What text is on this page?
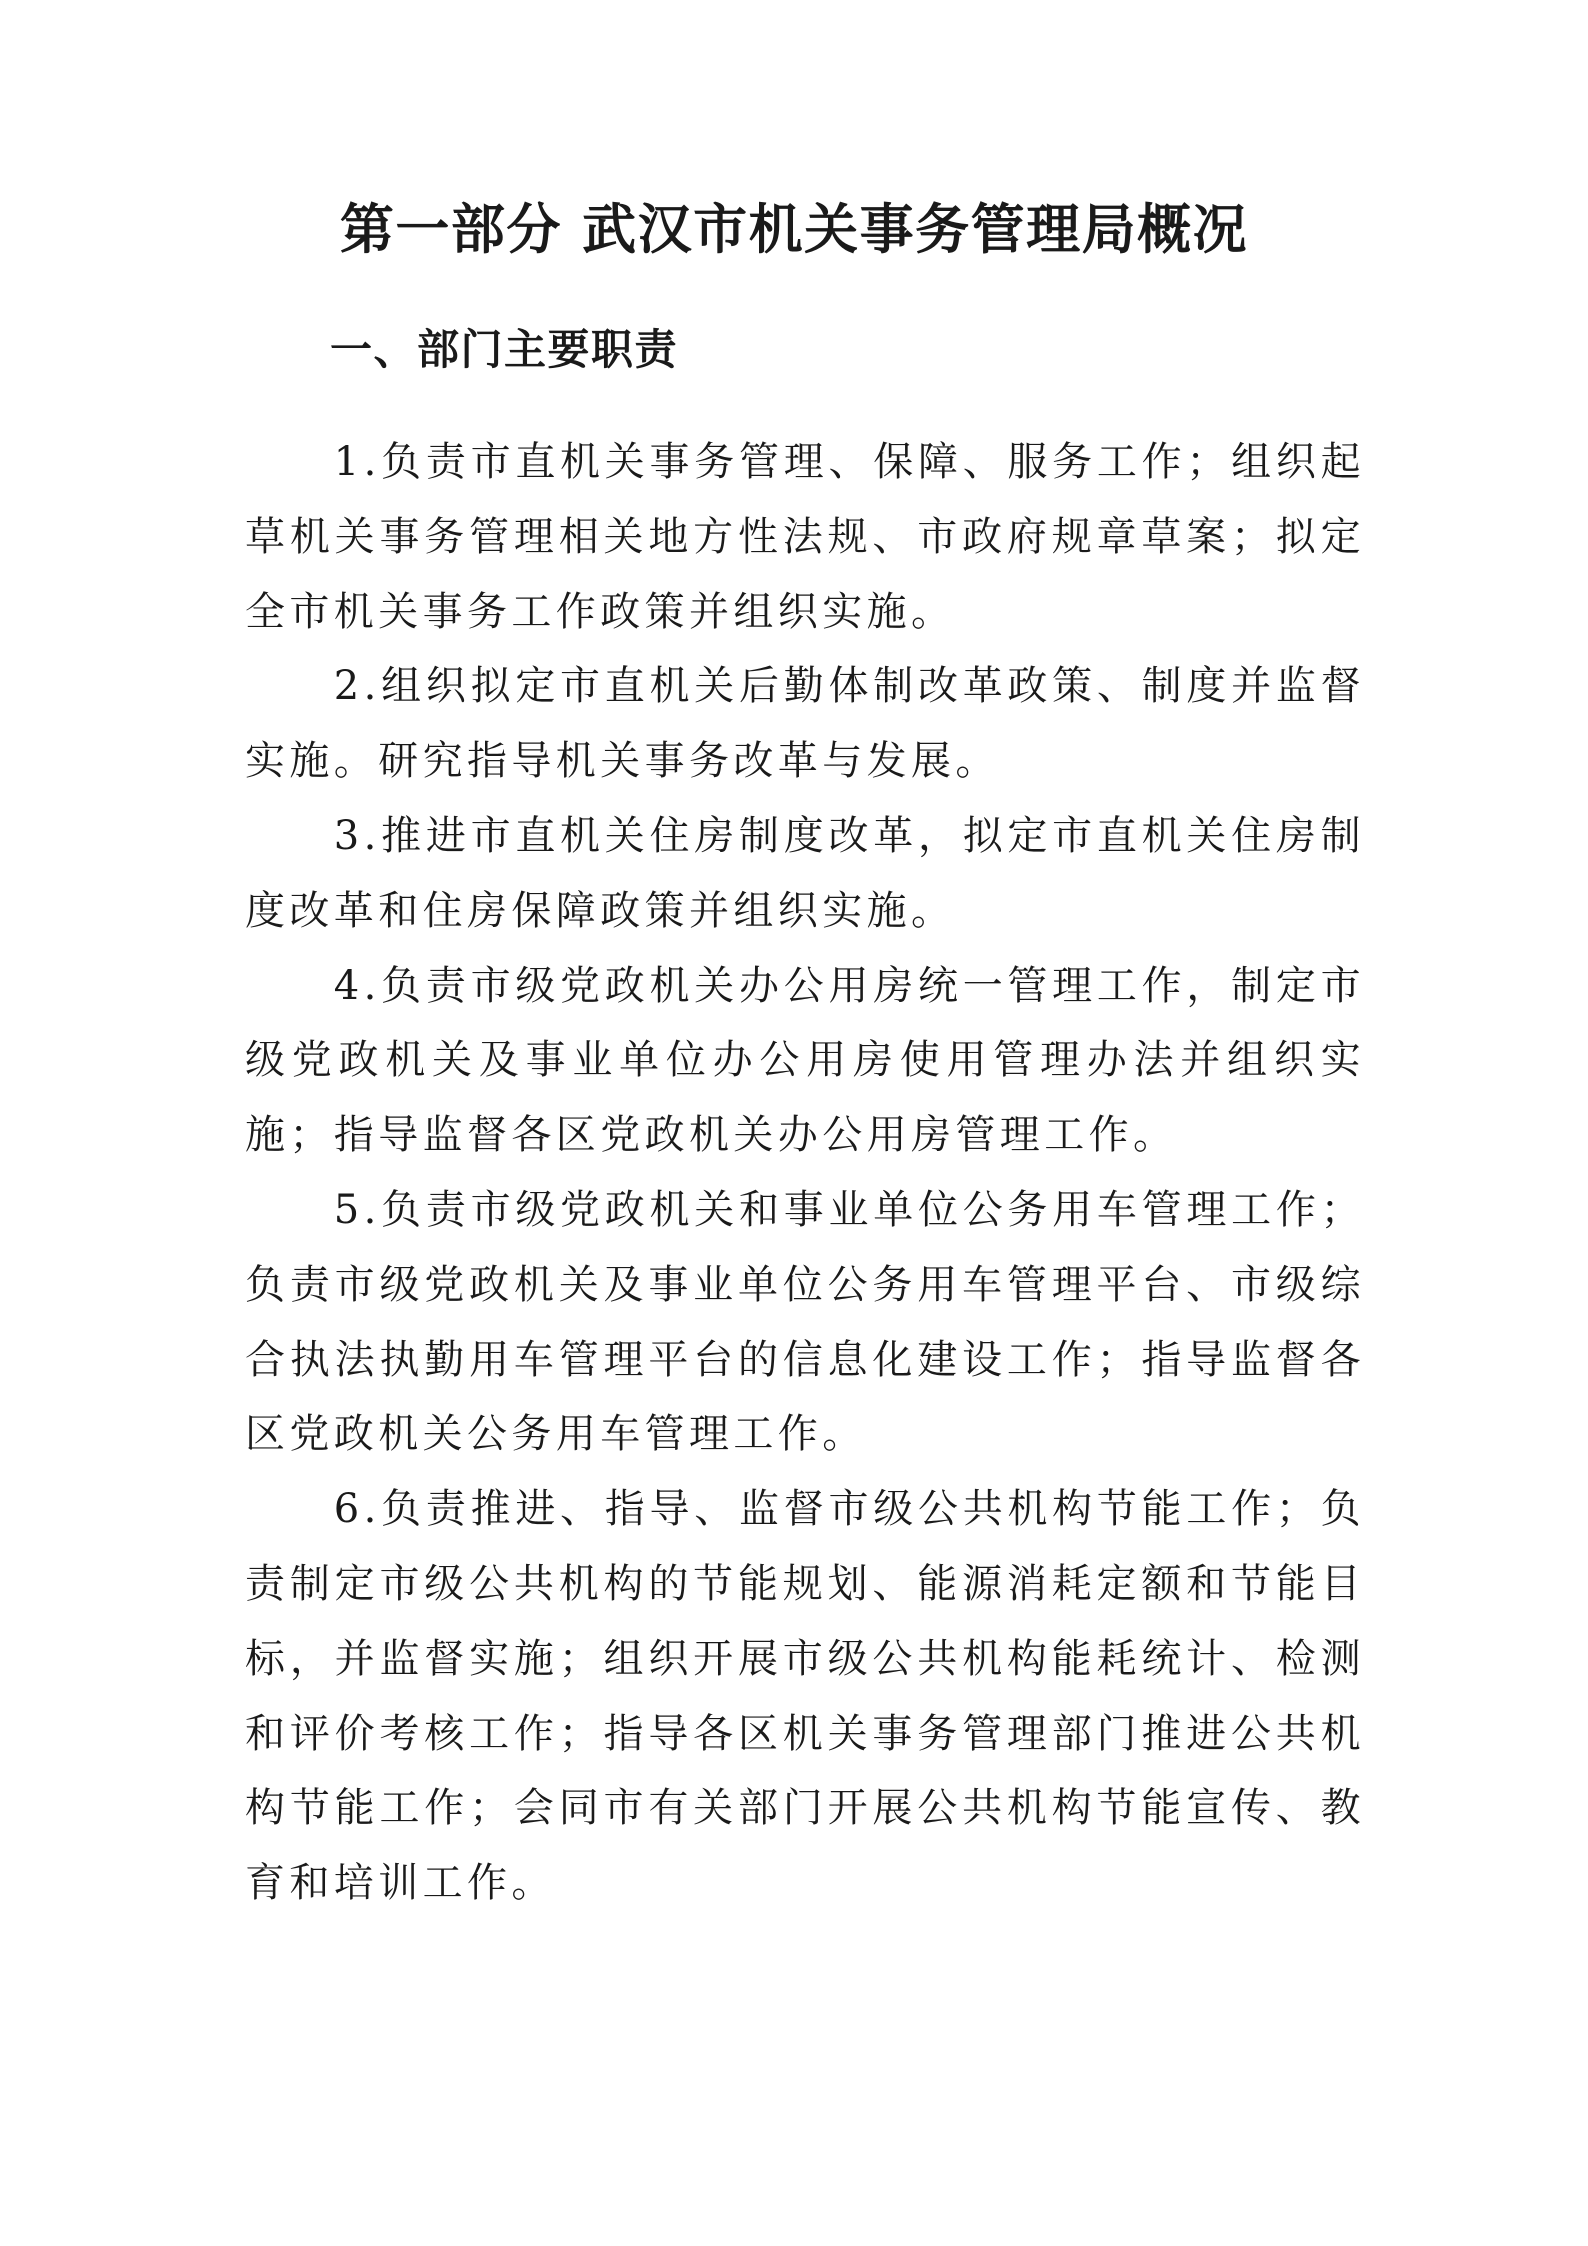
第一部分 武汉市机关事务管理局概况
一、部门主要职责

1.负责市直机关事务管理、保障、服务工作；组织起草机关事务管理相关地方性法规、市政府规章草案；拟定全市机关事务工作政策并组织实施。

2.组织拟定市直机关后勤体制改革政策、制度并监督实施。研究指导机关事务改革与发展。

3.推进市直机关住房制度改革，拟定市直机关住房制度改革和住房保障政策并组织实施。

4.负责市级党政机关办公用房统一管理工作，制定市级党政机关及事业单位办公用房使用管理办法并组织实施；指导监督各区党政机关办公用房管理工作。

5.负责市级党政机关和事业单位公务用车管理工作；负责市级党政机关及事业单位公务用车管理平台、市级综合执法执勤用车管理平台的信息化建设工作；指导监督各区党政机关公务用车管理工作。

6.负责推进、指导、监督市级公共机构节能工作；负责制定市级公共机构的节能规划、能源消耗定额和节能目标，并监督实施；组织开展市级公共机构能耗统计、检测和评价考核工作；指导各区机关事务管理部门推进公共机构节能工作；会同市有关部门开展公共机构节能宣传、教育和培训工作。
